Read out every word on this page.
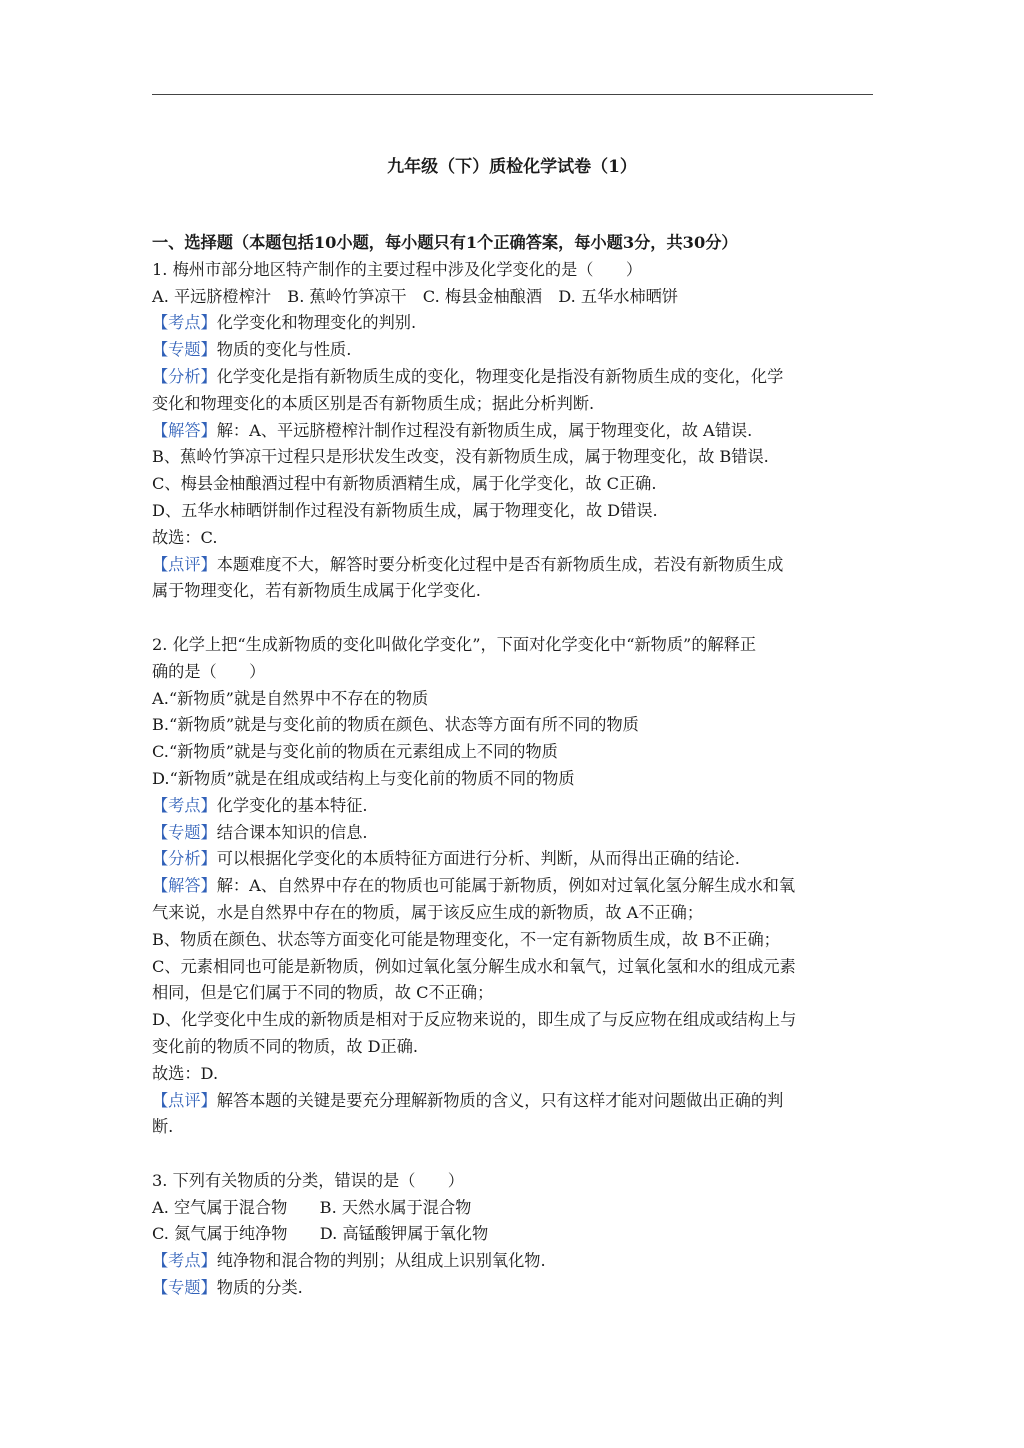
九年级（下）质检化学试卷（1）
一、选择题（本题包括10小题，每小题只有1个正确答案，每小题3分，共30分）
1. 梅州市部分地区特产制作的主要过程中涉及化学变化的是（　　）
A. 平远脐橙榨汁　B. 蕉岭竹笋凉干　C. 梅县金柚酿酒　D. 五华水柿晒饼
【考点】化学变化和物理变化的判别.
【专题】物质的变化与性质.
【分析】化学变化是指有新物质生成的变化，物理变化是指没有新物质生成的变化，化学
变化和物理变化的本质区别是否有新物质生成；据此分析判断.
【解答】解：A、平远脐橙榨汁制作过程没有新物质生成，属于物理变化，故 A错误.
B、蕉岭竹笋凉干过程只是形状发生改变，没有新物质生成，属于物理变化，故 B错误.
C、梅县金柚酿酒过程中有新物质酒精生成，属于化学变化，故 C正确.
D、五华水柿晒饼制作过程没有新物质生成，属于物理变化，故 D错误.
故选：C.
【点评】本题难度不大，解答时要分析变化过程中是否有新物质生成，若没有新物质生成
属于物理变化，若有新物质生成属于化学变化.
2. 化学上把“生成新物质的变化叫做化学变化”，下面对化学变化中“新物质”的解释正
确的是（　　）
A.“新物质”就是自然界中不存在的物质
B.“新物质”就是与变化前的物质在颜色、状态等方面有所不同的物质
C.“新物质”就是与变化前的物质在元素组成上不同的物质
D.“新物质”就是在组成或结构上与变化前的物质不同的物质
【考点】化学变化的基本特征.
【专题】结合课本知识的信息.
【分析】可以根据化学变化的本质特征方面进行分析、判断，从而得出正确的结论.
【解答】解：A、自然界中存在的物质也可能属于新物质，例如对过氧化氢分解生成水和氧
气来说，水是自然界中存在的物质，属于该反应生成的新物质，故 A不正确；
B、物质在颜色、状态等方面变化可能是物理变化，不一定有新物质生成，故 B不正确；
C、元素相同也可能是新物质，例如过氧化氢分解生成水和氧气，过氧化氢和水的组成元素
相同，但是它们属于不同的物质，故 C不正确；
D、化学变化中生成的新物质是相对于反应物来说的，即生成了与反应物在组成或结构上与
变化前的物质不同的物质，故 D正确.
故选：D.
【点评】解答本题的关键是要充分理解新物质的含义，只有这样才能对问题做出正确的判
断.
3. 下列有关物质的分类，错误的是（　　）
A. 空气属于混合物　　B. 天然水属于混合物
C. 氮气属于纯净物　　D. 高锰酸钾属于氧化物
【考点】纯净物和混合物的判别；从组成上识别氧化物.
【专题】物质的分类.
